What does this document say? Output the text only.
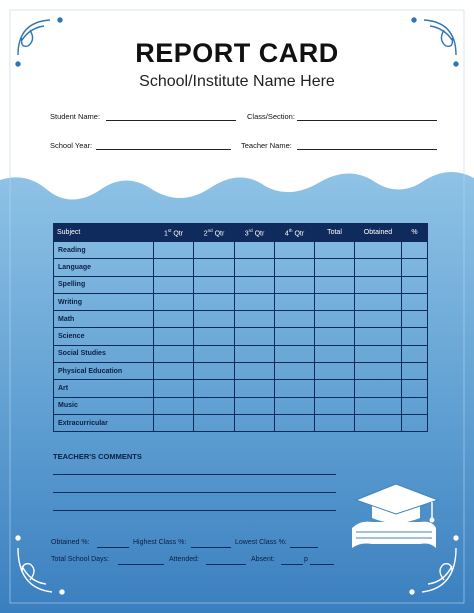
REPORT CARD
School/Institute Name Here
Student Name:	Class/Section:
School Year:	Teacher Name:
Subject	1st Qtr	2nd Qtr	3rd Qtr	4th Qtr	Total	Obtained	%
Reading							
Language							
Spelling							
Writing							
Math							
Science							
Social Studies							
Physical Education							
Art							
Music							
Extracurricular							
TEACHER'S COMMENTS
Obtained %:	Highest Class %:	Lowest Class %:
Total School Days:	Attended:	Absent:	p
